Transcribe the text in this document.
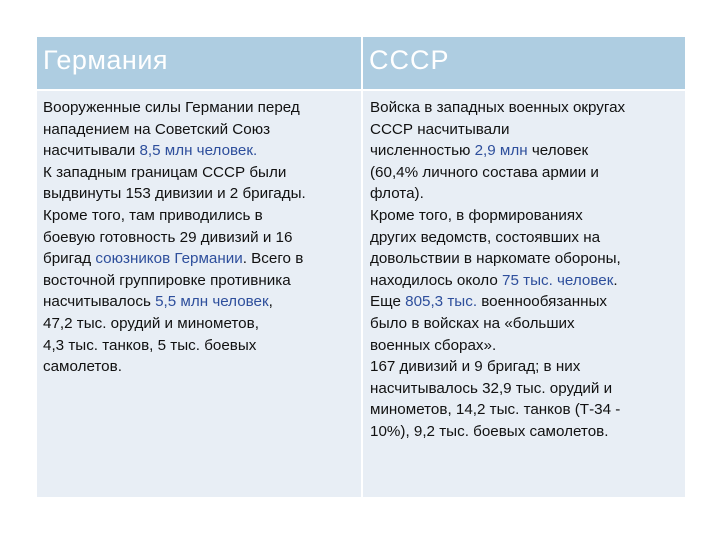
Германия	СССР
Вооруженные силы Германии перед
нападением на Советский Союз
насчитывали 8,5 млн человек.
К западным границам СССР были
выдвинуты 153 дивизии и 2 бригады.
Кроме того, там приводились в
боевую готовность 29 дивизий и 16
бригад союзников Германии. Всего в
восточной группировке противника
насчитывалось 5,5 млн человек,
47,2 тыс. орудий и минометов,
4,3 тыс. танков, 5 тыс. боевых
самолетов.
Войска в западных военных округах
СССР насчитывали
численностью 2,9 млн человек
(60,4% личного состава армии и
флота).
Кроме того, в формированиях
других ведомств, состоявших на
довольствии в наркомате обороны,
находилось около 75 тыс. человек.
Еще 805,3 тыс. военнообязанных
было в войсках на «больших
военных сборах».
167 дивизий и 9 бригад; в них
насчитывалось 32,9 тыс. орудий и
минометов, 14,2 тыс. танков (Т-34 -
10%), 9,2 тыс. боевых самолетов.
